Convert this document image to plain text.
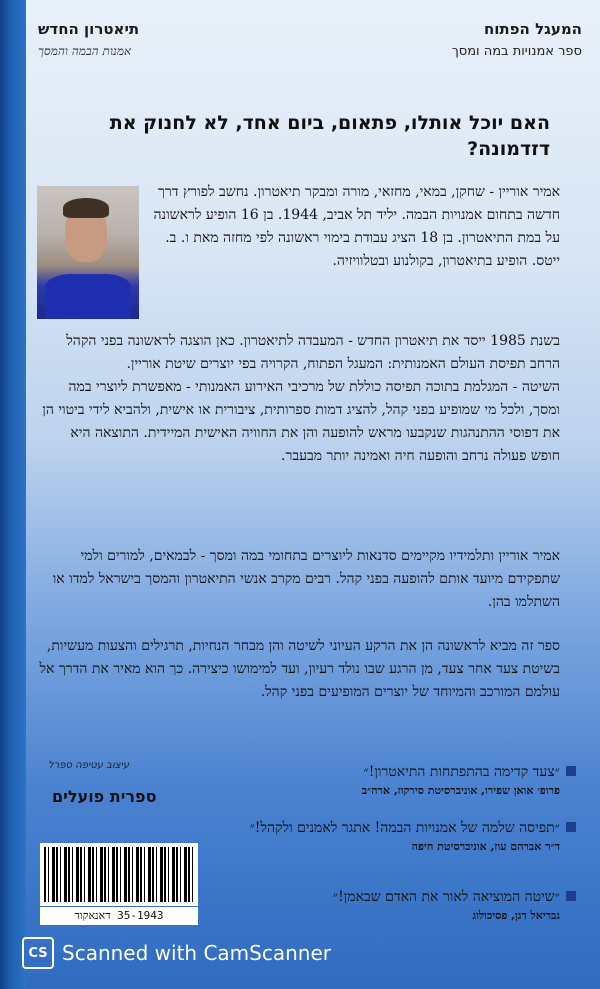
המעגל הפתוח
ספר אמנויות במה ומסך
תיאטרון החדש
אמנות הבמה והמסך
האם יוכל אותלו, פתאום, ביום אחד, לא לחנוק את דזדמונה?
אמיר אוריין - שחקן, במאי, מחזאי, מורה ומבקר תיאטרון. נחשב לפורץ דרך חדשה בתחום אמנויות הבמה. יליד תל אביב, 1944. בן 16 הופיע לראשונה על במת התיאטרון. בן 18 הציג עבודת בימוי ראשונה לפי מחזה מאת ו. ב. ייטס. הופיע בתיאטרון, בקולנוע ובטלוויזיה.
בשנת 1985 ייסד את תיאטרון החדש - המעבדה לתיאטרון. כאן הוצגה לראשונה בפני הקהל הרחב תפיסת העולם האמנותית: המעגל הפתוח, הקרויה בפי יוצרים שיטת אוריין.
השיטה - המגלמת בתוכה תפיסה כוללת של מרכיבי האירוע האמנותי - מאפשרת ליוצרי במה ומסך, ולכל מי שמופיע בפני קהל, להציג דמות ספרותית, ציבורית או אישית, ולהביא לידי ביטוי הן את דפוסי ההתנהגות שנקבעו מראש להופעה והן את החוויה האישית המיידית. התוצאה היא חופש פעולה נרחב והופעה חיה ואמינה יותר מבעבר.
אמיר אוריין ותלמידיו מקיימים סדנאות ליוצרים בתחומי במה ומסך - לבמאים, למורים ולמי שתפקידם מיועד אותם להופעה בפני קהל. רבים מקרב אנשי התיאטרון והמסך בישראל למדו או השתלמו בהן.
ספר זה מביא לראשונה הן את הרקע העיוני לשיטה והן מבחר הנחיות, תרגילים והצעות מעשיות, בשיטת צעד אחר צעד, מן הרגע שבו נולד רעיון, ועד למימושו כיצירה. כך הוא מאיר את הדרך אל עולמם המורכב והמיוחד של יוצרים המופיעים בפני קהל.
״צעד קדימה בהתפתחות התיאטרון!״
פרופ׳ אואן שפירו, אוניברסיטת סירקוז, ארה״ב
״תפיסה שלמה של אמנויות הבמה! אתגר לאמנים ולקהל!״
ד״ר אברהם עוז, אוניברסיטת חיפה
״שיטה המוציאה לאור את האדם שבאמן!״
גבריאל דגן, פסיכולוג
עיצוב עטיפה ספרל
ספרית פועלים
35-1943 דאנאקוד
CS Scanned with CamScanner
